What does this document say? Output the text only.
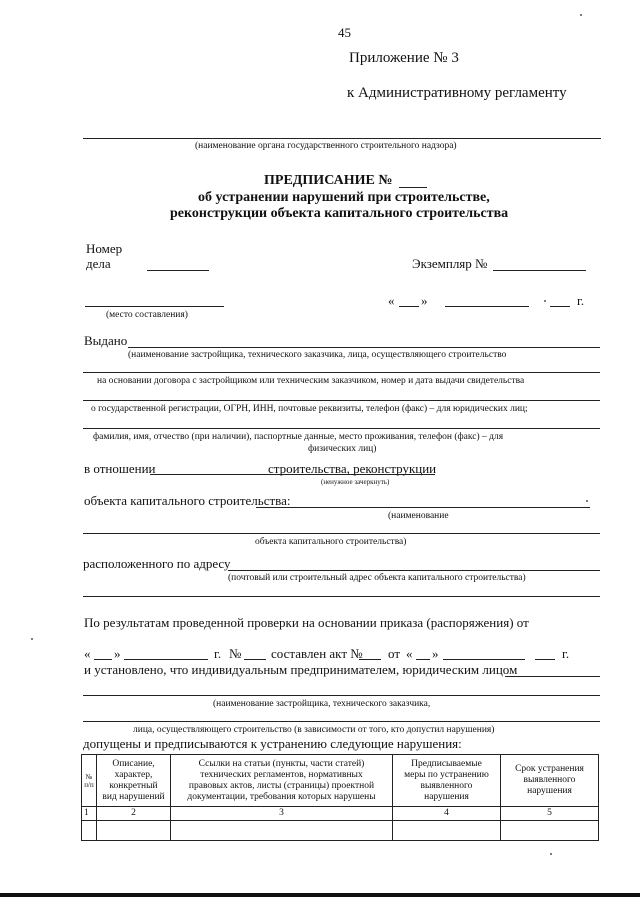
45
Приложение № 3
к Административному регламенту
(наименование органа государственного строительного надзора)
ПРЕДПИСАНИЕ №
об устранении нарушений при строительстве,
реконструкции объекта капитального строительства
Номер
дела	Экземпляр №
(место составления)
« »	г.
Выдано
(наименование застройщика, технического заказчика, лица, осуществляющего строительство
на основании договора с застройщиком или техническим заказчиком, номер и дата выдачи свидетельства
о государственной регистрации, ОГРН, ИНН, почтовые реквизиты, телефон (факс) – для юридических лиц;
фамилия, имя, отчество (при наличии), паспортные данные, место проживания, телефон (факс) – для
физических лиц)
в отношении	строительства, реконструкции
(ненужное зачеркнуть)
объекта капитального строительства:
(наименование
объекта капитального строительства)
расположенного по адресу
(почтовый или строительный адрес объекта капитального строительства)
По результатам проведенной проверки на основании приказа (распоряжения) от
« »	г. № составлен акт № от « »	г.
и установлено, что индивидуальным предпринимателем, юридическим лицом
(наименование застройщика, технического заказчика,
лица, осуществляющего строительство (в зависимости от того, кто допустил нарушения)
допущены и предписываются к устранению следующие нарушения:
№
п/п	Описание,
характер,
конкретный
вид нарушений	Ссылки на статьи (пункты, части статей)
технических регламентов, нормативных
правовых актов, листы (страницы) проектной
документации, требования которых нарушены	Предписываемые
меры по устранению
выявленного
нарушения	Срок устранения
выявленного
нарушения
1	2	3	4	5
